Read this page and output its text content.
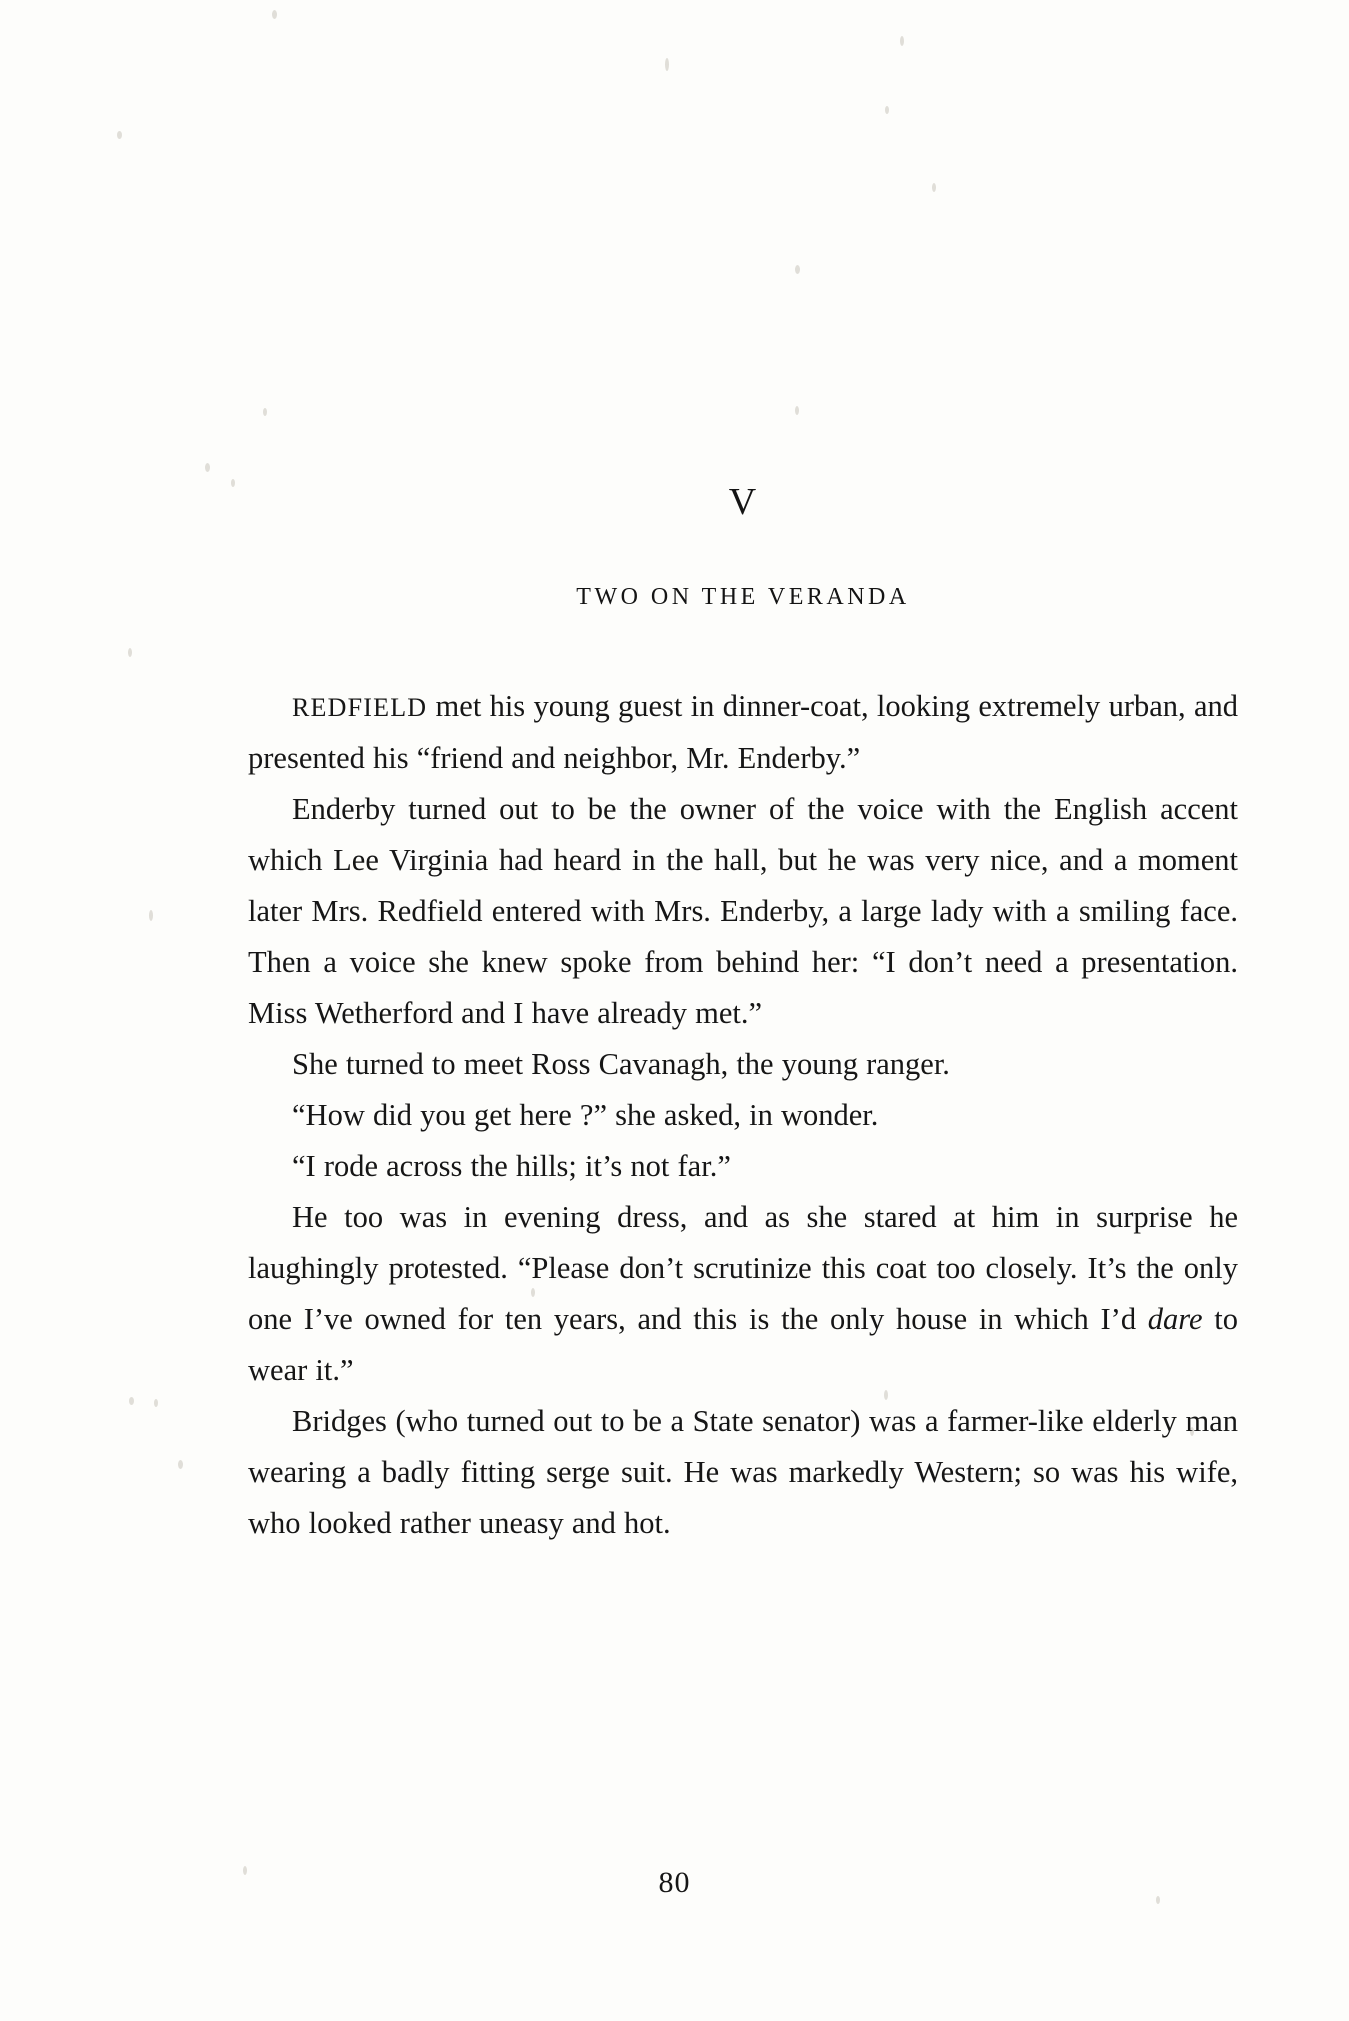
V
TWO ON THE VERANDA

REDFIELD met his young guest in dinner-coat, looking extremely urban, and presented his “friend and neighbor, Mr. Enderby.”

Enderby turned out to be the owner of the voice with the English accent which Lee Virginia had heard in the hall, but he was very nice, and a moment later Mrs. Redfield entered with Mrs. Enderby, a large lady with a smiling face. Then a voice she knew spoke from behind her: “I don’t need a presentation. Miss Wetherford and I have already met.”

She turned to meet Ross Cavanagh, the young ranger.

“How did you get here ?” she asked, in wonder.

“I rode across the hills; it’s not far.”

He too was in evening dress, and as she stared at him in surprise he laughingly protested. “Please don’t scrutinize this coat too closely. It’s the only one I’ve owned for ten years, and this is the only house in which I’d dare to wear it.”

Bridges (who turned out to be a State senator) was a farmer-like elderly man wearing a badly fitting serge suit. He was markedly Western; so was his wife, who looked rather uneasy and hot.

80
